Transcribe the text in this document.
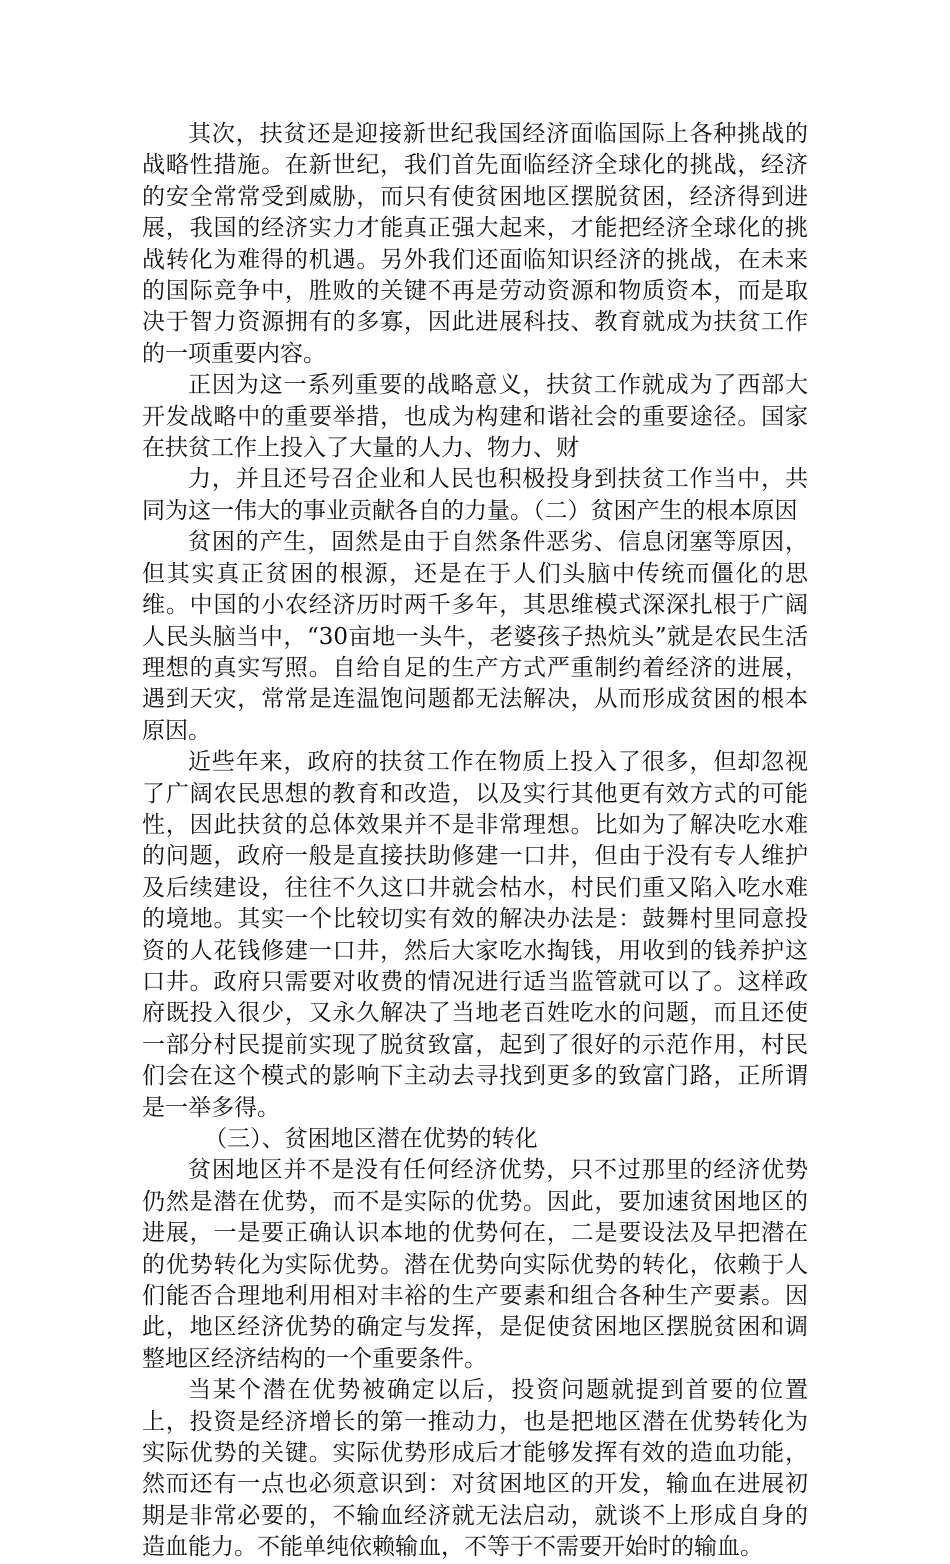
其次，扶贫还是迎接新世纪我国经济面临国际上各种挑战的战略性措施。在新世纪，我们首先面临经济全球化的挑战，经济的安全常常受到威胁，而只有使贫困地区摆脱贫困，经济得到进展，我国的经济实力才能真正强大起来，才能把经济全球化的挑战转化为难得的机遇。另外我们还面临知识经济的挑战，在未来的国际竞争中，胜败的关键不再是劳动资源和物质资本，而是取决于智力资源拥有的多寡，因此进展科技、教育就成为扶贫工作的一项重要内容。

正因为这一系列重要的战略意义，扶贫工作就成为了西部大开发战略中的重要举措，也成为构建和谐社会的重要途径。国家在扶贫工作上投入了大量的人力、物力、财

力，并且还号召企业和人民也积极投身到扶贫工作当中，共同为这一伟大的事业贡献各自的力量。（二）贫困产生的根本原因

贫困的产生，固然是由于自然条件恶劣、信息闭塞等原因，但其实真正贫困的根源，还是在于人们头脑中传统而僵化的思维。中国的小农经济历时两千多年，其思维模式深深扎根于广阔人民头脑当中，“30亩地一头牛，老婆孩子热炕头”就是农民生活理想的真实写照。自给自足的生产方式严重制约着经济的进展，遇到天灾，常常是连温饱问题都无法解决，从而形成贫困的根本原因。

近些年来，政府的扶贫工作在物质上投入了很多，但却忽视了广阔农民思想的教育和改造，以及实行其他更有效方式的可能性，因此扶贫的总体效果并不是非常理想。比如为了解决吃水难的问题，政府一般是直接扶助修建一口井，但由于没有专人维护及后续建设，往往不久这口井就会枯水，村民们重又陷入吃水难的境地。其实一个比较切实有效的解决办法是：鼓舞村里同意投资的人花钱修建一口井，然后大家吃水掏钱，用收到的钱养护这口井。政府只需要对收费的情况进行适当监管就可以了。这样政府既投入很少，又永久解决了当地老百姓吃水的问题，而且还使一部分村民提前实现了脱贫致富，起到了很好的示范作用，村民们会在这个模式的影响下主动去寻找到更多的致富门路，正所谓是一举多得。

（三）、贫困地区潜在优势的转化

贫困地区并不是没有任何经济优势，只不过那里的经济优势仍然是潜在优势，而不是实际的优势。因此，要加速贫困地区的进展，一是要正确认识本地的优势何在，二是要设法及早把潜在的优势转化为实际优势。潜在优势向实际优势的转化，依赖于人们能否合理地利用相对丰裕的生产要素和组合各种生产要素。因此，地区经济优势的确定与发挥，是促使贫困地区摆脱贫困和调整地区经济结构的一个重要条件。

当某个潜在优势被确定以后，投资问题就提到首要的位置上，投资是经济增长的第一推动力，也是把地区潜在优势转化为实际优势的关键。实际优势形成后才能够发挥有效的造血功能，然而还有一点也必须意识到：对贫困地区的开发，输血在进展初期是非常必要的，不输血经济就无法启动，就谈不上形成自身的造血能力。不能单纯依赖输血，不等于不需要开始时的输血。
